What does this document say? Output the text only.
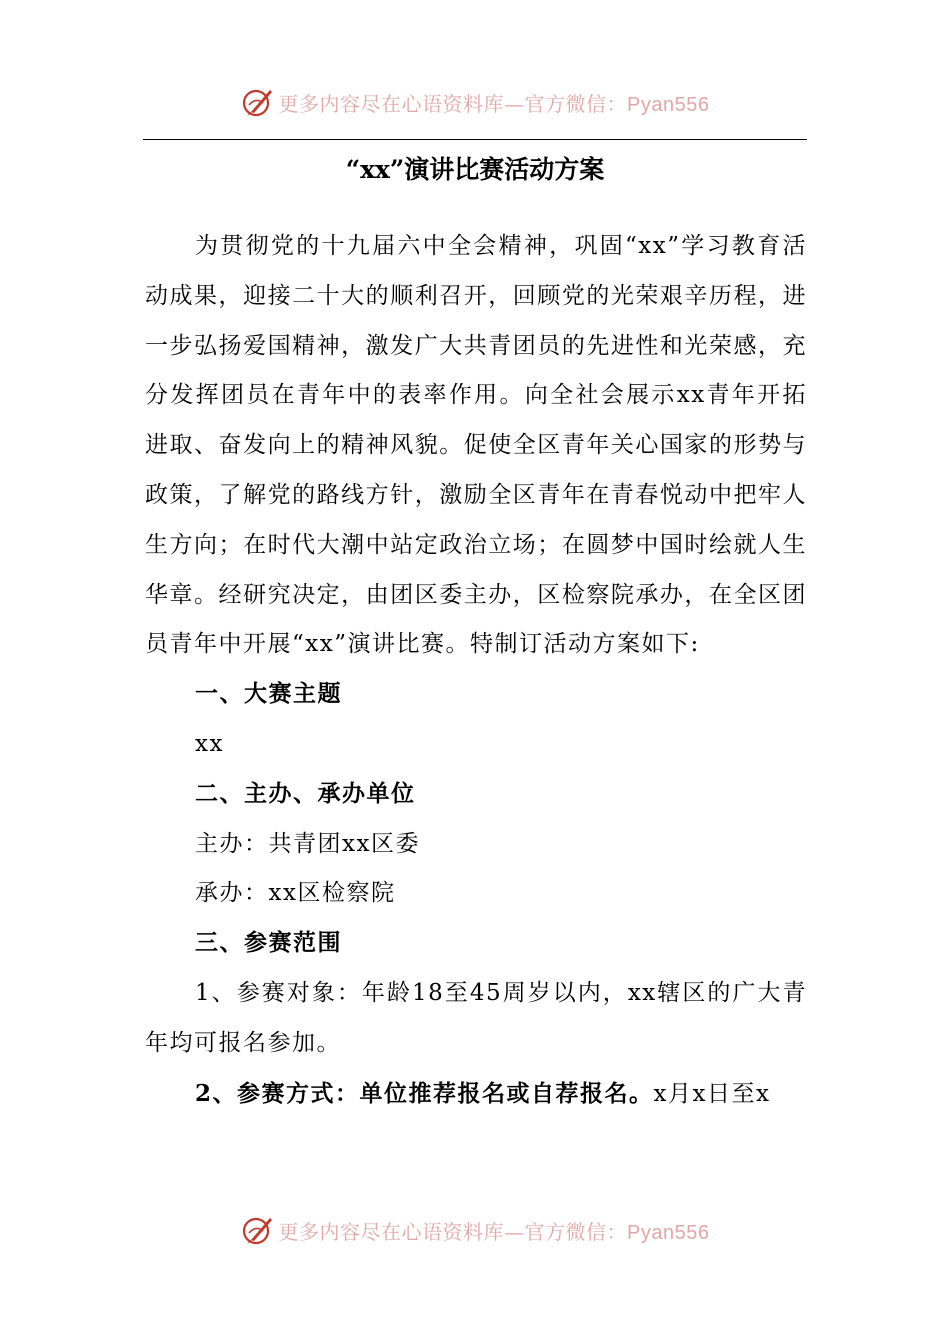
更多内容尽在心语资料库—官方微信：Pyan556
“xx”演讲比赛活动方案

为贯彻党的十九届六中全会精神，巩固“xx”学习教育活动成果，迎接二十大的顺利召开，回顾党的光荣艰辛历程，进一步弘扬爱国精神，激发广大共青团员的先进性和光荣感，充分发挥团员在青年中的表率作用。向全社会展示xx青年开拓进取、奋发向上的精神风貌。促使全区青年关心国家的形势与政策，了解党的路线方针，激励全区青年在青春悦动中把牢人生方向；在时代大潮中站定政治立场；在圆梦中国时绘就人生华章。经研究决定，由团区委主办，区检察院承办，在全区团员青年中开展“xx”演讲比赛。特制订活动方案如下:

一、大赛主题

xx

二、主办、承办单位

主办：共青团xx区委

承办：xx区检察院

三、参赛范围

1、参赛对象：年龄18至45周岁以内，xx辖区的广大青年均可报名参加。

2、参赛方式：单位推荐报名或自荐报名。x月x日至x

更多内容尽在心语资料库—官方微信：Pyan556
